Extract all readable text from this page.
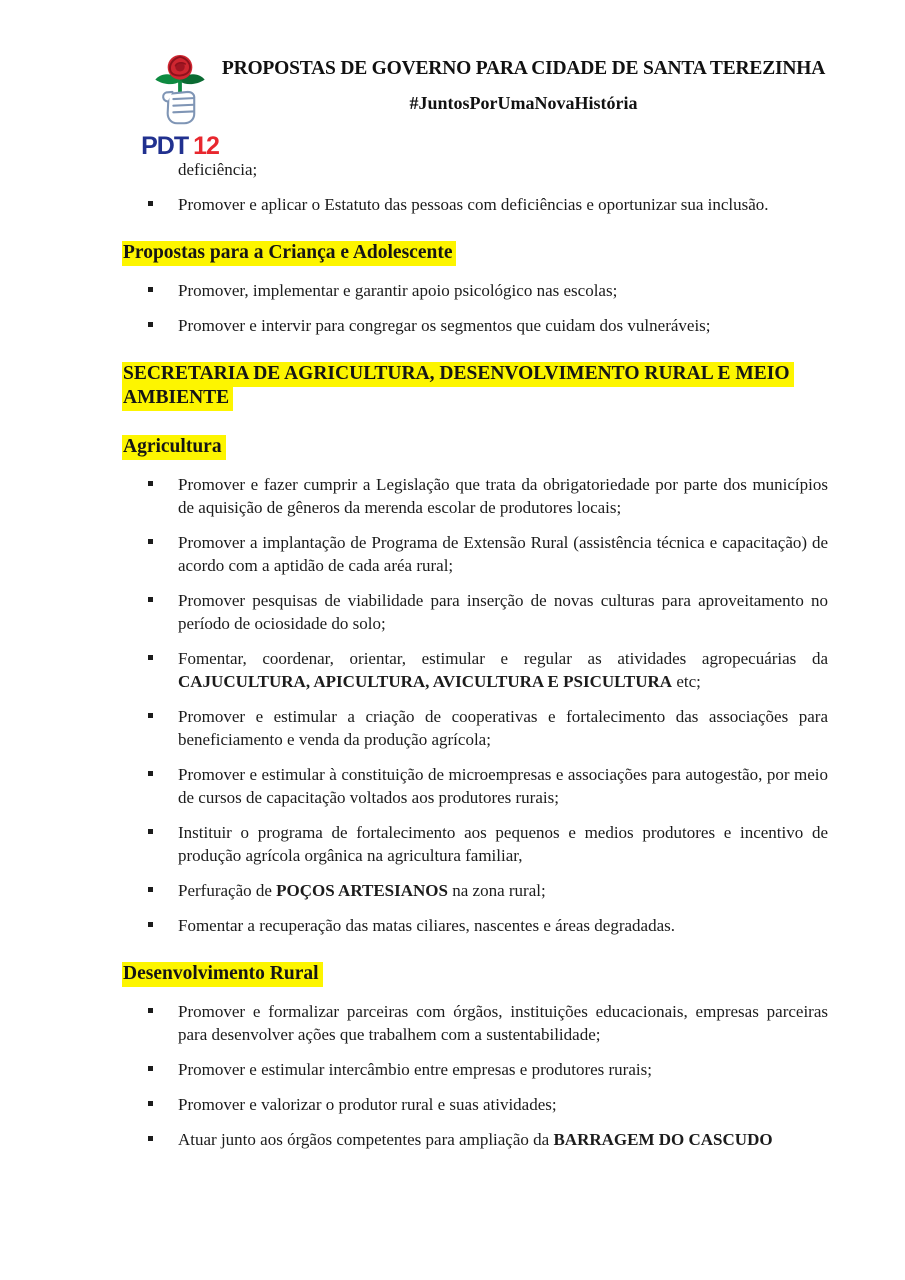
PDT 12
PROPOSTAS DE GOVERNO PARA CIDADE DE SANTA TEREZINHA
#JuntosPorUmaNovaHistória
deficiência;
Promover e aplicar o Estatuto das pessoas com deficiências e oportunizar sua inclusão.
Propostas para a Criança e Adolescente
Promover, implementar e garantir apoio psicológico nas escolas;
Promover e intervir para congregar os segmentos que cuidam dos vulneráveis;
SECRETARIA DE AGRICULTURA, DESENVOLVIMENTO RURAL E MEIO AMBIENTE
Agricultura
Promover e fazer cumprir a Legislação que trata da obrigatoriedade por parte dos municípios de aquisição de gêneros da merenda escolar de produtores locais;
Promover a implantação de Programa de Extensão Rural (assistência técnica e capacitação) de acordo com a aptidão de cada aréa rural;
Promover pesquisas de viabilidade para inserção de novas culturas para aproveitamento no período de ociosidade do solo;
Fomentar, coordenar, orientar, estimular e regular as atividades agropecuárias da CAJUCULTURA, APICULTURA, AVICULTURA E PSICULTURA etc;
Promover e estimular a criação de cooperativas e fortalecimento das associações para beneficiamento e venda da produção agrícola;
Promover e estimular à constituição de microempresas e associações para autogestão, por meio de cursos de capacitação voltados aos produtores rurais;
Instituir o programa de fortalecimento aos pequenos e medios produtores e incentivo de produção agrícola orgânica na agricultura familiar,
Perfuração de POÇOS ARTESIANOS na zona rural;
Fomentar a recuperação das matas ciliares, nascentes e áreas degradadas.
Desenvolvimento Rural
Promover e formalizar parceiras com órgãos, instituições educacionais, empresas parceiras para desenvolver ações que trabalhem com a sustentabilidade;
Promover e estimular intercâmbio entre empresas e produtores rurais;
Promover e valorizar o produtor rural e suas atividades;
Atuar junto aos órgãos competentes para ampliação da BARRAGEM DO CASCUDO
